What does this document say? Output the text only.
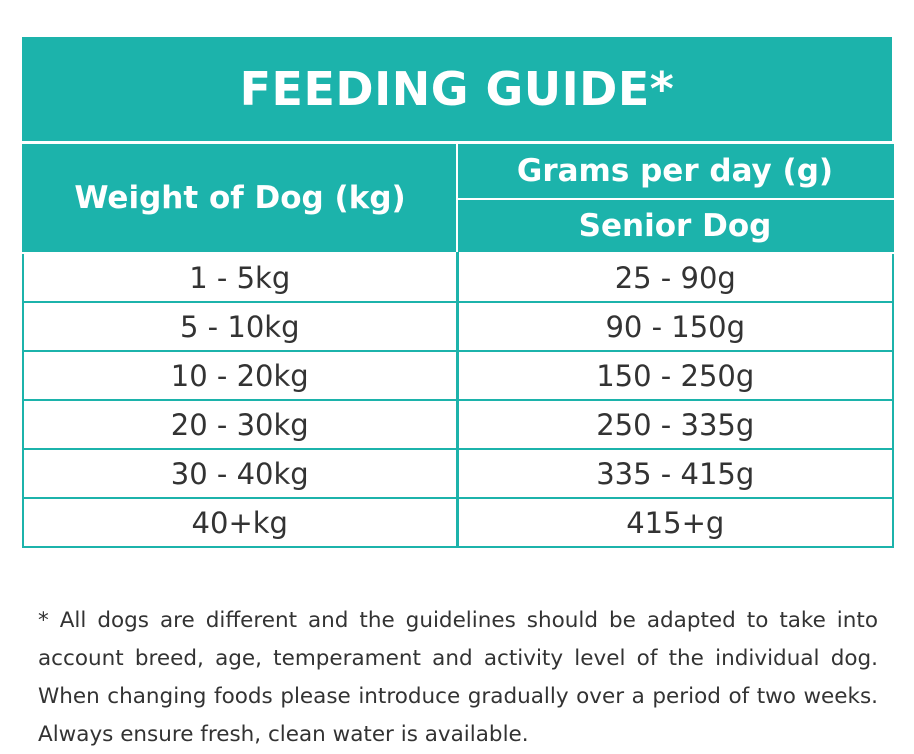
FEEDING GUIDE*
Weight of Dog (kg)	Grams per day (g)
	Senior Dog
1 - 5kg	25 - 90g
5 - 10kg	90 - 150g
10 - 20kg	150 - 250g
20 - 30kg	250 - 335g
30 - 40kg	335 - 415g
40+kg	415+g

* All dogs are different and the guidelines should be adapted to take into account breed, age, temperament and activity level of the individual dog. When changing foods please introduce gradually over a period of two weeks. Always ensure fresh, clean water is available.
